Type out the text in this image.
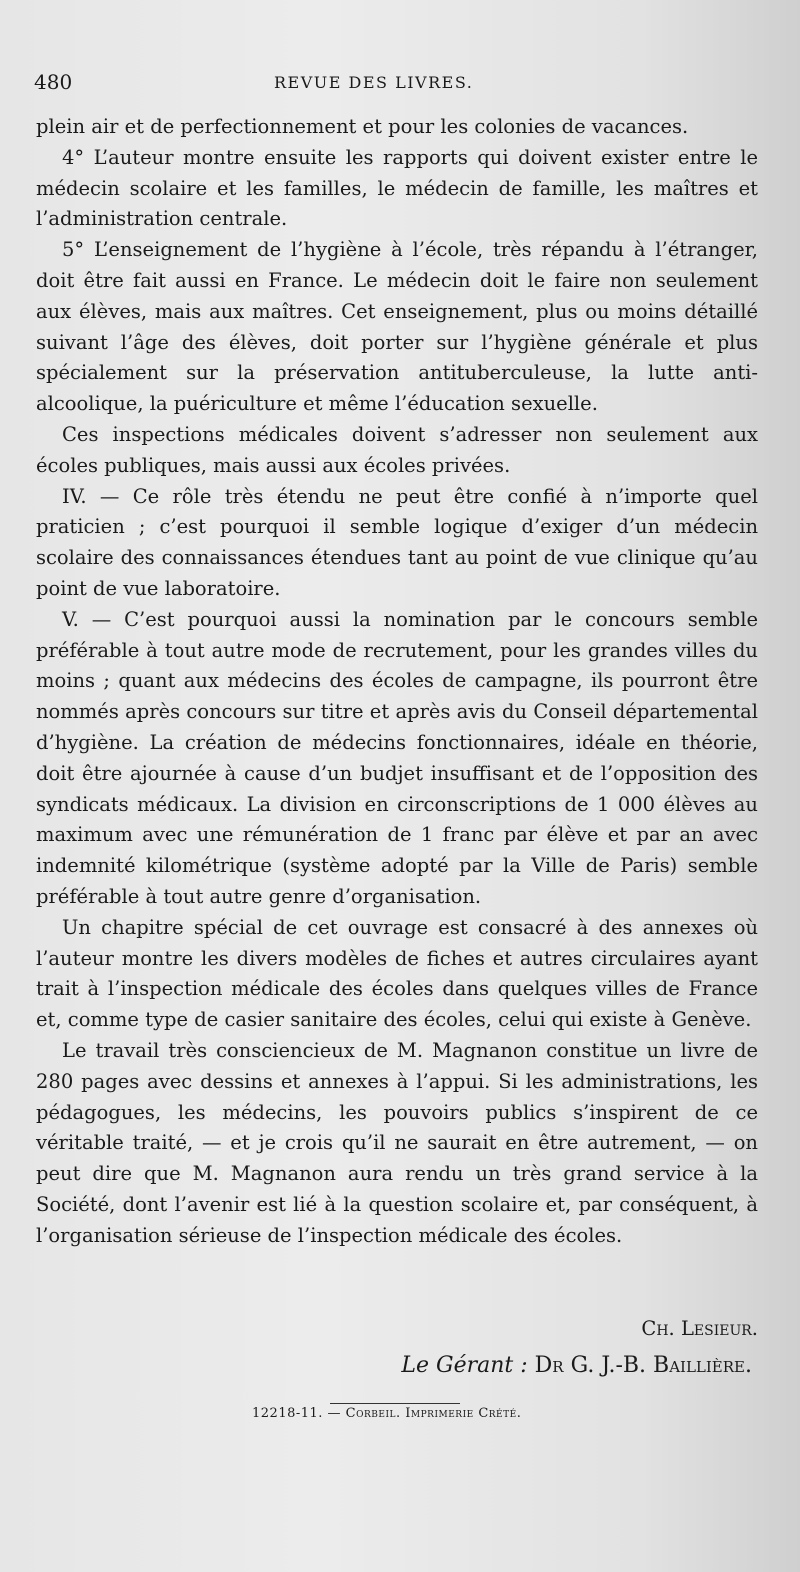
480	REVUE DES LIVRES.

plein air et de perfectionnement et pour les colonies de vacances.

4° L’auteur montre ensuite les rapports qui doivent exister entre le médecin scolaire et les familles, le médecin de famille, les maîtres et l’administration centrale.

5° L’enseignement de l’hygiène à l’école, très répandu à l’étranger, doit être fait aussi en France. Le médecin doit le faire non seulement aux élèves, mais aux maîtres. Cet enseignement, plus ou moins détaillé suivant l’âge des élèves, doit porter sur l’hygiène générale et plus spécialement sur la préservation antituberculeuse, la lutte anti-alcoolique, la puériculture et même l’éducation sexuelle.

Ces inspections médicales doivent s’adresser non seulement aux écoles publiques, mais aussi aux écoles privées.

IV. — Ce rôle très étendu ne peut être confié à n’importe quel praticien ; c’est pourquoi il semble logique d’exiger d’un médecin scolaire des connaissances étendues tant au point de vue clinique qu’au point de vue laboratoire.

V. — C’est pourquoi aussi la nomination par le concours semble préférable à tout autre mode de recrutement, pour les grandes villes du moins ; quant aux médecins des écoles de campagne, ils pourront être nommés après concours sur titre et après avis du Conseil départemental d’hygiène. La création de médecins fonctionnaires, idéale en théorie, doit être ajournée à cause d’un budjet insuffisant et de l’opposition des syndicats médicaux. La division en circonscriptions de 1 000 élèves au maximum avec une rémunération de 1 franc par élève et par an avec indemnité kilométrique (système adopté par la Ville de Paris) semble préférable à tout autre genre d’organisation.

Un chapitre spécial de cet ouvrage est consacré à des annexes où l’auteur montre les divers modèles de fiches et autres circulaires ayant trait à l’inspection médicale des écoles dans quelques villes de France et, comme type de casier sanitaire des écoles, celui qui existe à Genève.

Le travail très consciencieux de M. Magnanon constitue un livre de 280 pages avec dessins et annexes à l’appui. Si les administrations, les pédagogues, les médecins, les pouvoirs publics s’inspirent de ce véritable traité, — et je crois qu’il ne saurait en être autrement, — on peut dire que M. Magnanon aura rendu un très grand service à la Société, dont l’avenir est lié à la question scolaire et, par conséquent, à l’organisation sérieuse de l’inspection médicale des écoles.

Ch. Lesieur.
Le Gérant : Dr G. J.-B. Baillière.
12218-11. — Corbeil. Imprimerie Crété.
